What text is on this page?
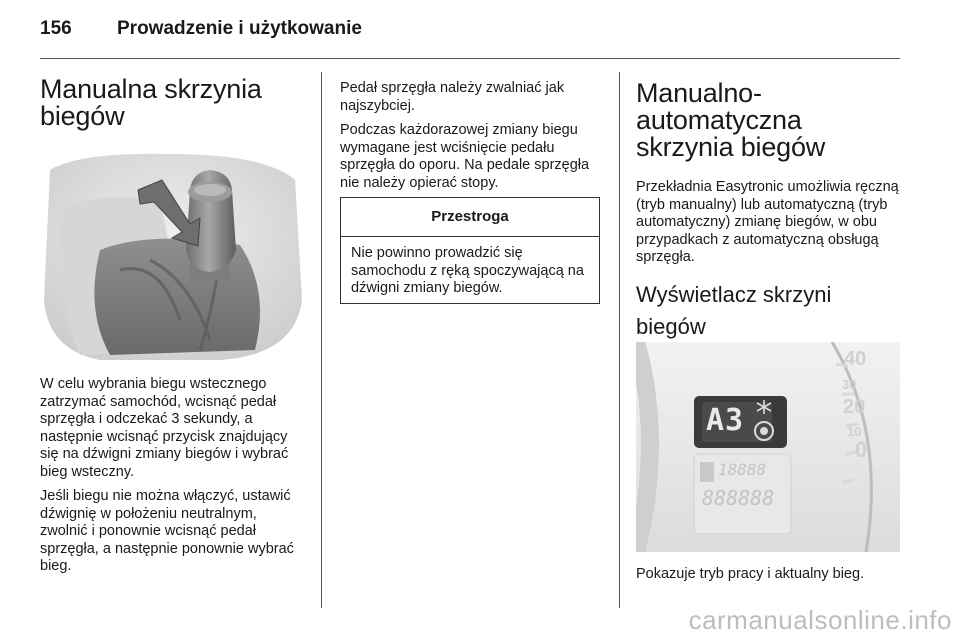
156 Prowadzenie i użytkowanie
Manualna skrzynia biegów

W celu wybrania biegu wstecznego zatrzymać samochód, wcisnąć pedał sprzęgła i odczekać 3 sekundy, a następnie wcisnąć przycisk znajdujący się na dźwigni zmiany biegów i wybrać bieg wsteczny.

Jeśli biegu nie można włączyć, ustawić dźwignię w położeniu neutralnym, zwolnić i ponownie wcisnąć pedał sprzęgła, a następnie ponownie wybrać bieg.

Pedał sprzęgła należy zwalniać jak najszybciej.

Podczas każdorazowej zmiany biegu wymagane jest wciśnięcie pedału sprzęgła do oporu. Na pedale sprzęgła nie należy opierać stopy.

Przestroga
Nie powinno prowadzić się samochodu z ręką spoczywającą na dźwigni zmiany biegów.
Manualno-automatyczna skrzynia biegów

Przekładnia Easytronic umożliwia ręczną (tryb manualny) lub automatyczną (tryb automatyczny) zmianę biegów, w obu przypadkach z automatyczną obsługą sprzęgła.

Wyświetlacz skrzyni biegów
A3
18888
888888
40
30
20
10
0

Pokazuje tryb pracy i aktualny bieg.

carmanualsonline.info
